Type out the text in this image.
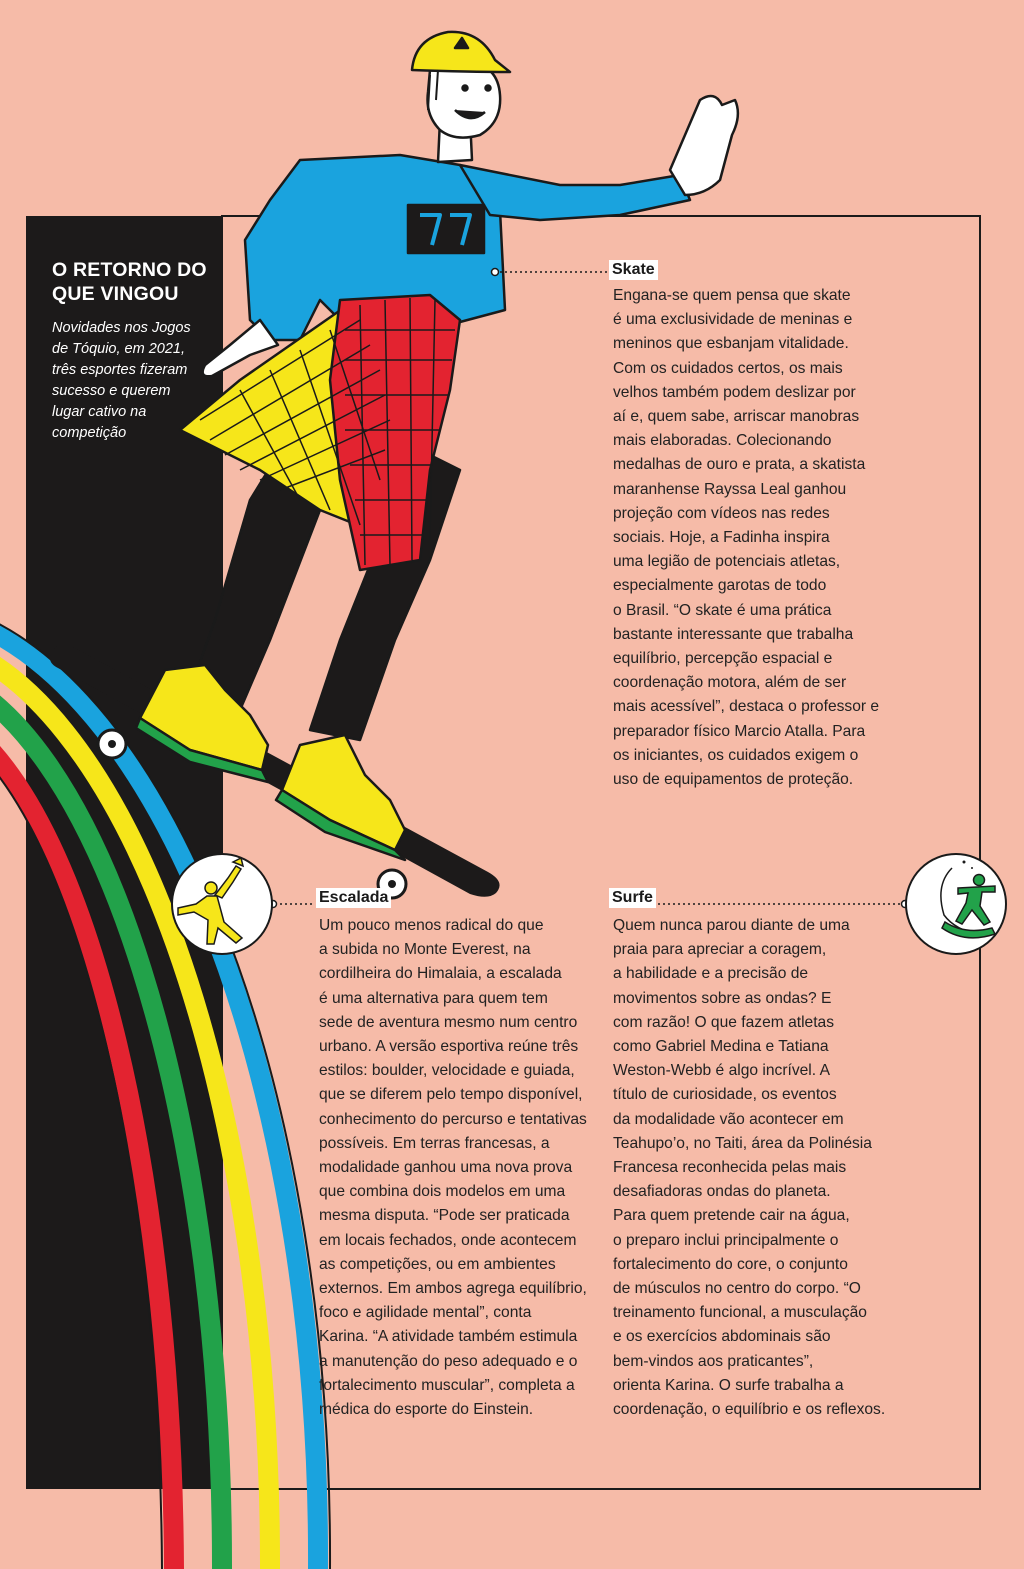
O RETORNO DO
QUE VINGOU
Novidades nos Jogos
de Tóquio, em 2021,
três esportes fizeram
sucesso e querem
lugar cativo na
competição
Skate
Engana-se quem pensa que skate
é uma exclusividade de meninas e
meninos que esbanjam vitalidade.
Com os cuidados certos, os mais
velhos também podem deslizar por
aí e, quem sabe, arriscar manobras
mais elaboradas. Colecionando
medalhas de ouro e prata, a skatista
maranhense Rayssa Leal ganhou
projeção com vídeos nas redes
sociais. Hoje, a Fadinha inspira
uma legião de potenciais atletas,
especialmente garotas de todo
o Brasil. “O skate é uma prática
bastante interessante que trabalha
equilíbrio, percepção espacial e
coordenação motora, além de ser
mais acessível”, destaca o professor e
preparador físico Marcio Atalla. Para
os iniciantes, os cuidados exigem o
uso de equipamentos de proteção.
Escalada
Um pouco menos radical do que
a subida no Monte Everest, na
cordilheira do Himalaia, a escalada
é uma alternativa para quem tem
sede de aventura mesmo num centro
urbano. A versão esportiva reúne três
estilos: boulder, velocidade e guiada,
que se diferem pelo tempo disponível,
conhecimento do percurso e tentativas
possíveis. Em terras francesas, a
modalidade ganhou uma nova prova
que combina dois modelos em uma
mesma disputa. “Pode ser praticada
em locais fechados, onde acontecem
as competições, ou em ambientes
externos. Em ambos agrega equilíbrio,
foco e agilidade mental”, conta
Karina. “A atividade também estimula
a manutenção do peso adequado e o
fortalecimento muscular”, completa a
médica do esporte do Einstein.
Surfe
Quem nunca parou diante de uma
praia para apreciar a coragem,
a habilidade e a precisão de
movimentos sobre as ondas? E
com razão! O que fazem atletas
como Gabriel Medina e Tatiana
Weston-Webb é algo incrível. A
título de curiosidade, os eventos
da modalidade vão acontecer em
Teahupo’o, no Taiti, área da Polinésia
Francesa reconhecida pelas mais
desafiadoras ondas do planeta.
Para quem pretende cair na água,
o preparo inclui principalmente o
fortalecimento do core, o conjunto
de músculos no centro do corpo. “O
treinamento funcional, a musculação
e os exercícios abdominais são
bem-vindos aos praticantes”,
orienta Karina. O surfe trabalha a
coordenação, o equilíbrio e os reflexos.
